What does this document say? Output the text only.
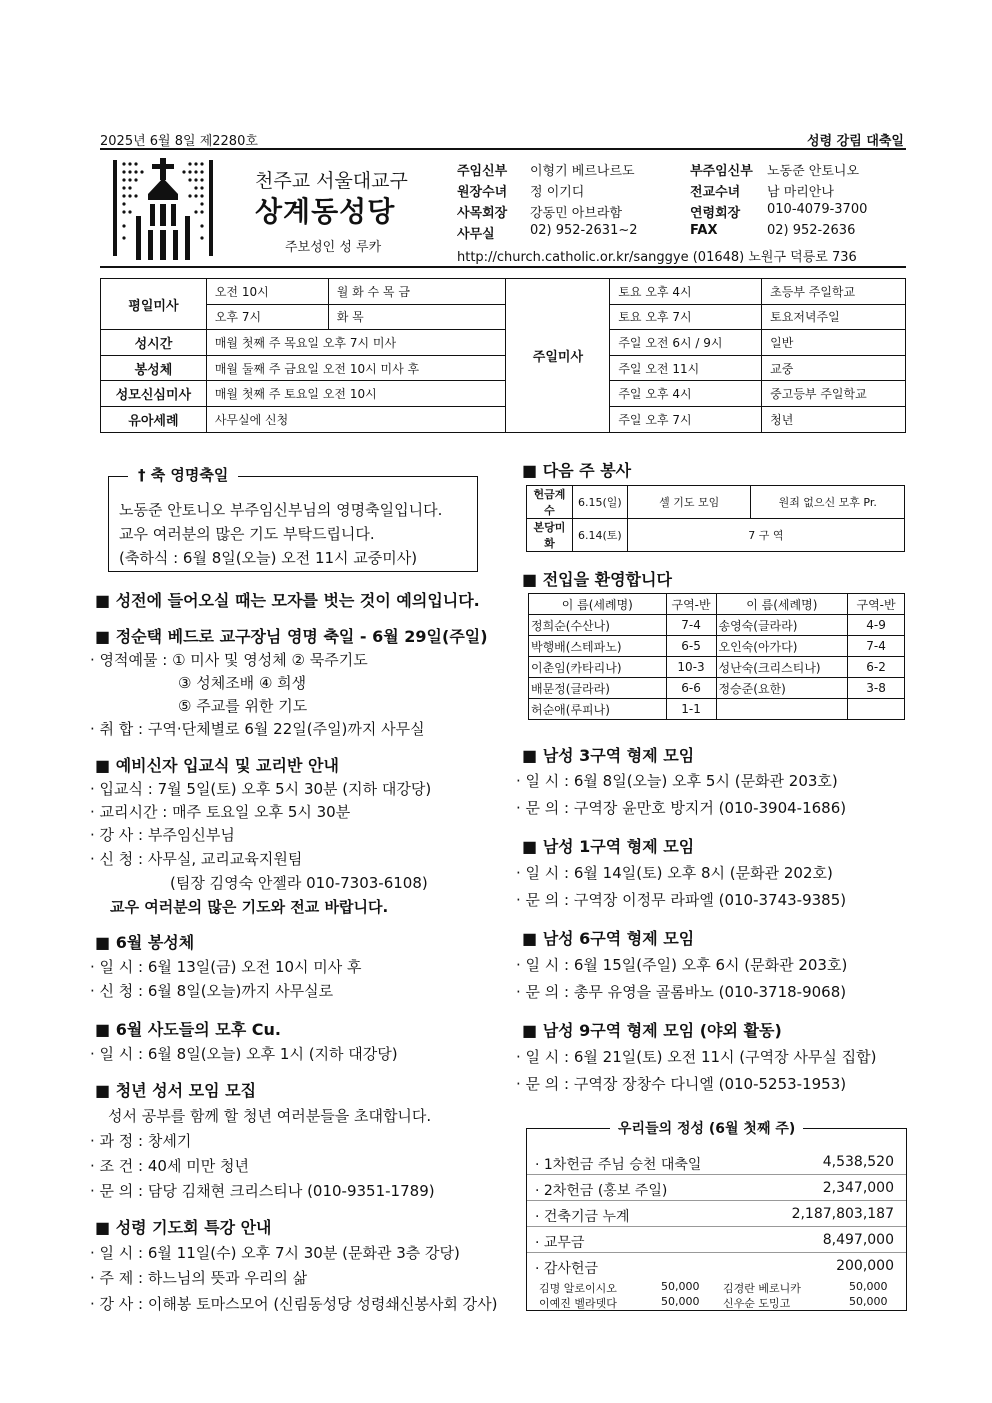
2025년 6월 8일 제2280호	성령 강림 대축일
천주교 서울대교구
상계동성당
주보성인 성 루카
주임신부 이형기 베르나르도	부주임신부 노동준 안토니오
원장수녀 정 이기디	전교수녀 남 마리안나
사목회장 강동민 아브라함	연령회장 010-4079-3700
사무실	02) 952-2631~2	FAX	02) 952-2636
http://church.catholic.or.kr/sanggye (01648) 노원구 덕릉로 736
평일미사	오전 10시	월 화 수 목 금	주일미사	토요 오후 4시	초등부 주일학교
	오후 7시	화 목		토요 오후 7시	토요저녁주일
성시간	매월 첫째 주 목요일 오후 7시 미사			주일 오전 6시 / 9시	일반
봉성체	매월 둘째 주 금요일 오전 10시 미사 후			주일 오전 11시	교중
성모신심미사	매월 첫째 주 토요일 오전 10시			주일 오후 4시	중고등부 주일학교
유아세례	사무실에 신청			주일 오후 7시	청년
노동준 안토니오 부주임신부님의 영명축일입니다.
교우 여러분의 많은 기도 부탁드립니다.
(축하식 : 6월 8일(오늘) 오전 11시 교중미사)
† 축 영명축일
■ 성전에 들어오실 때는 모자를 벗는 것이 예의입니다.
■ 정순택 베드로 교구장님 영명 축일 - 6월 29일(주일)
· 영적예물 : ① 미사 및 영성체 ② 묵주기도
③ 성체조배 ④ 희생
⑤ 주교를 위한 기도
· 취 합 : 구역·단체별로 6월 22일(주일)까지 사무실
■ 예비신자 입교식 및 교리반 안내
· 입교식 : 7월 5일(토) 오후 5시 30분 (지하 대강당)
· 교리시간 : 매주 토요일 오후 5시 30분
· 강 사 : 부주임신부님
· 신 청 : 사무실, 교리교육지원팀
(팀장 김영숙 안젤라 010-7303-6108)
교우 여러분의 많은 기도와 전교 바랍니다.
■ 6월 봉성체
· 일 시 : 6월 13일(금) 오전 10시 미사 후
· 신 청 : 6월 8일(오늘)까지 사무실로
■ 6월 사도들의 모후 Cu.
· 일 시 : 6월 8일(오늘) 오후 1시 (지하 대강당)
■ 청년 성서 모임 모집
성서 공부를 함께 할 청년 여러분들을 초대합니다.
· 과 정 : 창세기
· 조 건 : 40세 미만 청년
· 문 의 : 담당 김채현 크리스티나 (010-9351-1789)
■ 성령 기도회 특강 안내
· 일 시 : 6월 11일(수) 오후 7시 30분 (문화관 3층 강당)
· 주 제 : 하느님의 뜻과 우리의 삶
· 강 사 : 이해봉 토마스모어 (신림동성당 성령쇄신봉사회 강사)
■ 다음 주 봉사
헌금계수	6.15(일)	셀 기도 모임	원죄 없으신 모후 Pr.
본당미화	6.14(토)	7 구 역	
■ 전입을 환영합니다
이 름(세례명)	구역-반	이 름(세례명)	구역-반
정희순(수산나)	7-4	송영숙(글라라)	4-9
박행배(스테파노)	6-5	오인숙(아가다)	7-4
이춘임(카타리나)	10-3	성난숙(크리스티나)	6-2
배문정(글라라)	6-6	정승준(요한)	3-8
허순애(루피나)	1-1		
■ 남성 3구역 형제 모임
· 일 시 : 6월 8일(오늘) 오후 5시 (문화관 203호)
· 문 의 : 구역장 윤만호 방지거 (010-3904-1686)
■ 남성 1구역 형제 모임
· 일 시 : 6월 14일(토) 오후 8시 (문화관 202호)
· 문 의 : 구역장 이정무 라파엘 (010-3743-9385)
■ 남성 6구역 형제 모임
· 일 시 : 6월 15일(주일) 오후 6시 (문화관 203호)
· 문 의 : 총무 유영을 골롬바노 (010-3718-9068)
■ 남성 9구역 형제 모임 (야외 활동)
· 일 시 : 6월 21일(토) 오전 11시 (구역장 사무실 집합)
· 문 의 : 구역장 장창수 다니엘 (010-5253-1953)
· 1차헌금 주님 승천 대축일	4,538,520
· 2차헌금 (홍보 주일)	2,347,000
· 건축기금 누계	2,187,803,187
· 교무금	8,497,000
· 감사헌금	200,000
김명 알로이시오	50,000 김경란 베로니카	50,000
이예진 벨라뎃다	50,000 신우순 도밍고	50,000
우리들의 정성 (6월 첫째 주)
